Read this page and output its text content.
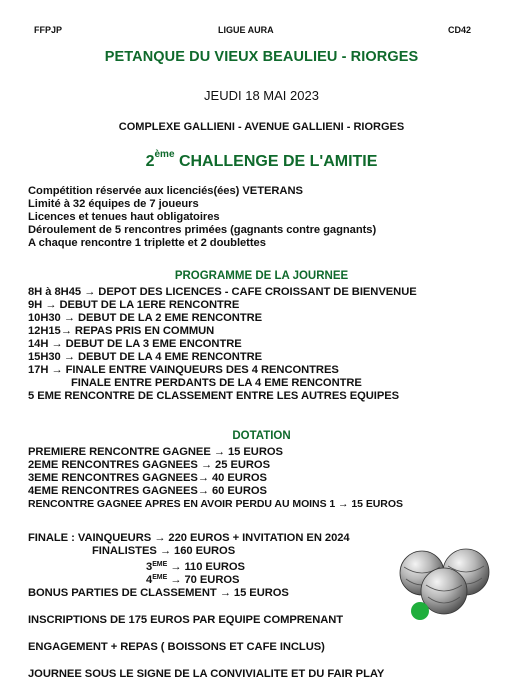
FFPJP	LIGUE AURA	CD42
PETANQUE DU VIEUX BEAULIEU - RIORGES
JEUDI 18 MAI 2023
COMPLEXE GALLIENI - AVENUE GALLIENI - RIORGES
2ème CHALLENGE DE L'AMITIE
Compétition réservée aux licenciés(ées) VETERANS
Limité à 32 équipes de 7 joueurs
Licences et tenues haut obligatoires
Déroulement de 5 rencontres primées (gagnants contre gagnants)
A chaque rencontre 1 triplette et 2 doublettes
PROGRAMME DE LA JOURNEE
8H à 8H45 → DEPOT DES LICENCES - CAFE CROISSANT DE BIENVENUE
9H → DEBUT DE LA 1ERE RENCONTRE
10H30 → DEBUT DE LA 2 EME RENCONTRE
12H15→ REPAS PRIS EN COMMUN
14H → DEBUT DE LA 3 EME ENCONTRE
15H30 → DEBUT DE LA 4 EME RENCONTRE
17H → FINALE ENTRE VAINQUEURS DES 4 RENCONTRES
FINALE ENTRE PERDANTS DE LA 4 EME RENCONTRE
5 EME RENCONTRE DE CLASSEMENT ENTRE LES AUTRES EQUIPES
DOTATION
PREMIERE RENCONTRE GAGNEE → 15 EUROS
2EME RENCONTRES GAGNEES → 25 EUROS
3EME RENCONTRES GAGNEES→ 40 EUROS
4EME RENCONTRES GAGNEES→ 60 EUROS
RENCONTRE GAGNEE APRES EN AVOIR PERDU AU MOINS 1 → 15 EUROS
FINALE : VAINQUEURS → 220 EUROS + INVITATION EN 2024
FINALISTES → 160 EUROS
3EME → 110 EUROS
4EME → 70 EUROS
BONUS PARTIES DE CLASSEMENT → 15 EUROS
INSCRIPTIONS DE 175 EUROS PAR EQUIPE COMPRENANT
ENGAGEMENT + REPAS ( BOISSONS ET CAFE INCLUS)
JOURNEE SOUS LE SIGNE DE LA CONVIVIALITE ET DU FAIR PLAY
